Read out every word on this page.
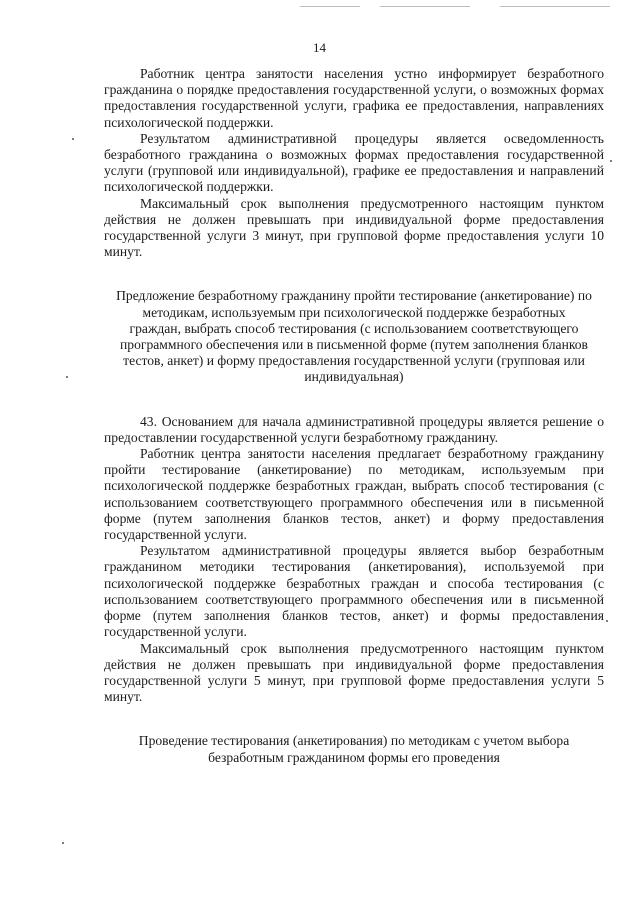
14

Работник центра занятости населения устно информирует безработного гражданина о порядке предоставления государственной услуги, о возможных формах предоставления государственной услуги, графика ее предоставления, направлениях психологической поддержки.

Результатом административной процедуры является осведомленность безработного гражданина о возможных формах предоставления государственной услуги (групповой или индивидуальной), графике ее предоставления и направлений психологической поддержки.

Максимальный срок выполнения предусмотренного настоящим пунктом действия не должен превышать при индивидуальной форме предоставления государственной услуги 3 минут, при групповой форме предоставления услуги 10 минут.

Предложение безработному гражданину пройти тестирование (анкетирование) по методикам, используемым при психологической поддержке безработных граждан, выбрать способ тестирования (с использованием соответствующего программного обеспечения или в письменной форме (путем заполнения бланков тестов, анкет) и форму предоставления государственной услуги (групповая или индивидуальная)

43. Основанием для начала административной процедуры является решение о предоставлении государственной услуги безработному гражданину.

Работник центра занятости населения предлагает безработному гражданину пройти тестирование (анкетирование) по методикам, используемым при психологической поддержке безработных граждан, выбрать способ тестирования (с использованием соответствующего программного обеспечения или в письменной форме (путем заполнения бланков тестов, анкет) и форму предоставления государственной услуги.

Результатом административной процедуры является выбор безработным гражданином методики тестирования (анкетирования), используемой при психологической поддержке безработных граждан и способа тестирования (с использованием соответствующего программного обеспечения или в письменной форме (путем заполнения бланков тестов, анкет) и формы предоставления государственной услуги.

Максимальный срок выполнения предусмотренного настоящим пунктом действия не должен превышать при индивидуальной форме предоставления государственной услуги 5 минут, при групповой форме предоставления услуги 5 минут.

Проведение тестирования (анкетирования) по методикам с учетом выбора безработным гражданином формы его проведения
